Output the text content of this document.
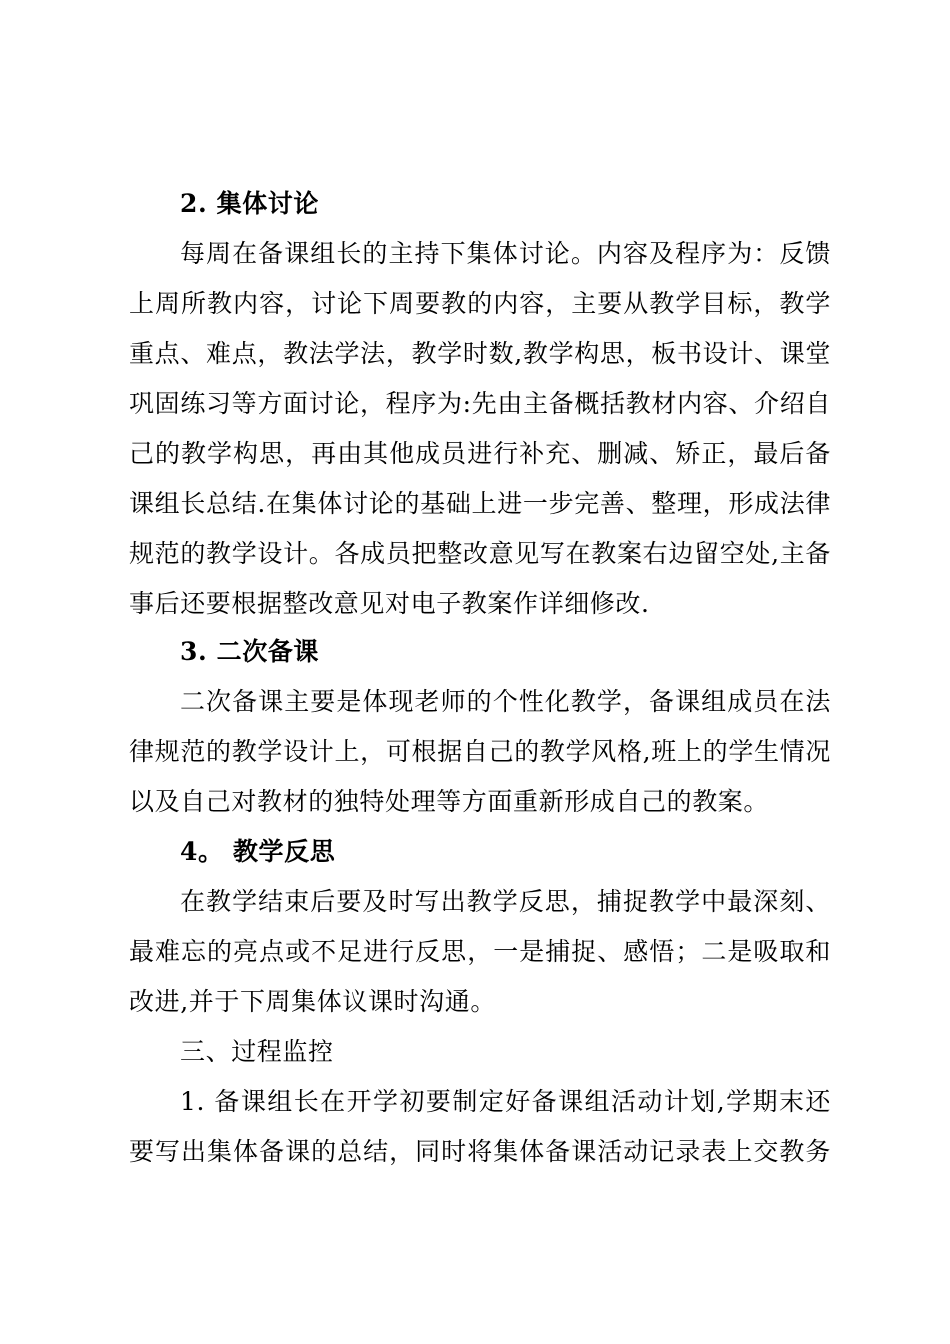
2. 集体讨论
每周在备课组长的主持下集体讨论。内容及程序为：反馈
上周所教内容，讨论下周要教的内容，主要从教学目标，教学
重点、难点，教法学法，教学时数,教学构思，板书设计、课堂
巩固练习等方面讨论，程序为:先由主备概括教材内容、介绍自
己的教学构思，再由其他成员进行补充、删减、矫正，最后备
课组长总结.在集体讨论的基础上进一步完善、整理，形成法律
规范的教学设计。各成员把整改意见写在教案右边留空处,主备
事后还要根据整改意见对电子教案作详细修改.
3. 二次备课
二次备课主要是体现老师的个性化教学，备课组成员在法
律规范的教学设计上，可根据自己的教学风格,班上的学生情况
以及自己对教材的独特处理等方面重新形成自己的教案。
4。 教学反思
在教学结束后要及时写出教学反思，捕捉教学中最深刻、
最难忘的亮点或不足进行反思，一是捕捉、感悟；二是吸取和
改进,并于下周集体议课时沟通。
三、过程监控
1. 备课组长在开学初要制定好备课组活动计划,学期末还
要写出集体备课的总结，同时将集体备课活动记录表上交教务
